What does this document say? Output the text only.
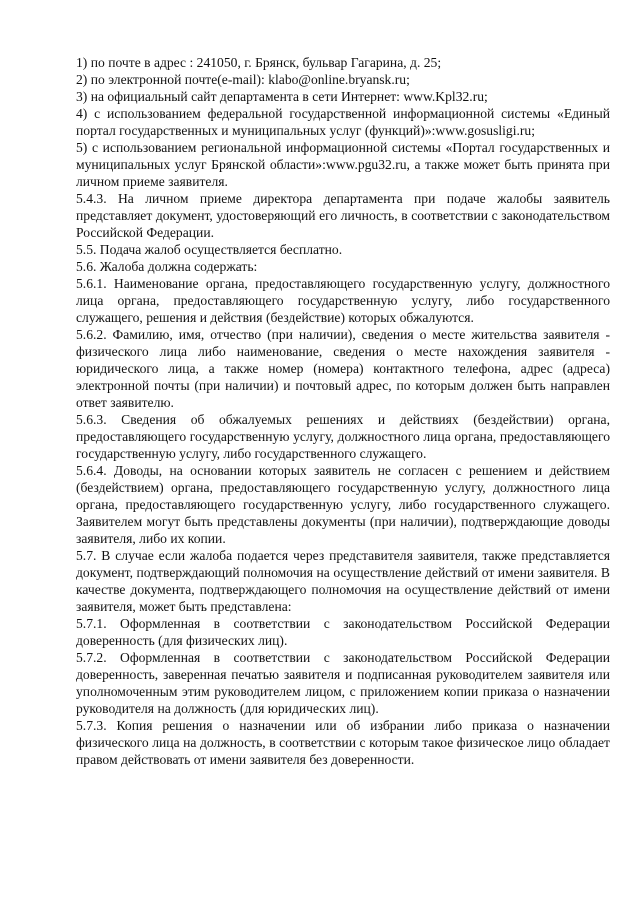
1) по почте в адрес : 241050, г. Брянск, бульвар Гагарина, д. 25;

2) по электронной почте(e-mail): klabo@online.bryansk.ru;

3) на официальный сайт департамента в сети Интернет: www.Kpl32.ru;

4) с использованием федеральной государственной информационной системы «Единый портал государственных и муниципальных услуг (функций)»:www.gosusligi.ru;

5) с использованием региональной информационной системы «Портал государственных и муниципальных услуг Брянской области»:www.pgu32.ru, а также может быть принята при личном приеме заявителя.

5.4.3. На личном приеме директора департамента при подаче жалобы заявитель представляет документ, удостоверяющий его личность, в соответствии с законодательством Российской Федерации.

5.5. Подача жалоб осуществляется бесплатно.

5.6. Жалоба должна содержать:

5.6.1. Наименование органа, предоставляющего государственную услугу, должностного лица органа, предоставляющего государственную услугу, либо государственного служащего, решения и действия (бездействие) которых обжалуются.

5.6.2. Фамилию, имя, отчество (при наличии), сведения о месте жительства заявителя - физического лица либо наименование, сведения о месте нахождения заявителя - юридического лица, а также номер (номера) контактного телефона, адрес (адреса) электронной почты (при наличии) и почтовый адрес, по которым должен быть направлен ответ заявителю.

5.6.3. Сведения об обжалуемых решениях и действиях (бездействии) органа, предоставляющего государственную услугу, должностного лица органа, предоставляющего государственную услугу, либо государственного служащего.

5.6.4. Доводы, на основании которых заявитель не согласен с решением и действием (бездействием) органа, предоставляющего государственную услугу, должностного лица органа, предоставляющего государственную услугу, либо государственного служащего. Заявителем могут быть представлены документы (при наличии), подтверждающие доводы заявителя, либо их копии.

5.7. В случае если жалоба подается через представителя заявителя, также представляется документ, подтверждающий полномочия на осуществление действий от имени заявителя. В качестве документа, подтверждающего полномочия на осуществление действий от имени заявителя, может быть представлена:

5.7.1. Оформленная в соответствии с законодательством Российской Федерации доверенность (для физических лиц).

5.7.2. Оформленная в соответствии с законодательством Российской Федерации доверенность, заверенная печатью заявителя и подписанная руководителем заявителя или уполномоченным этим руководителем лицом, с приложением копии приказа о назначении руководителя на должность (для юридических лиц).

5.7.3. Копия решения о назначении или об избрании либо приказа о назначении физического лица на должность, в соответствии с которым такое физическое лицо обладает правом действовать от имени заявителя без доверенности.
